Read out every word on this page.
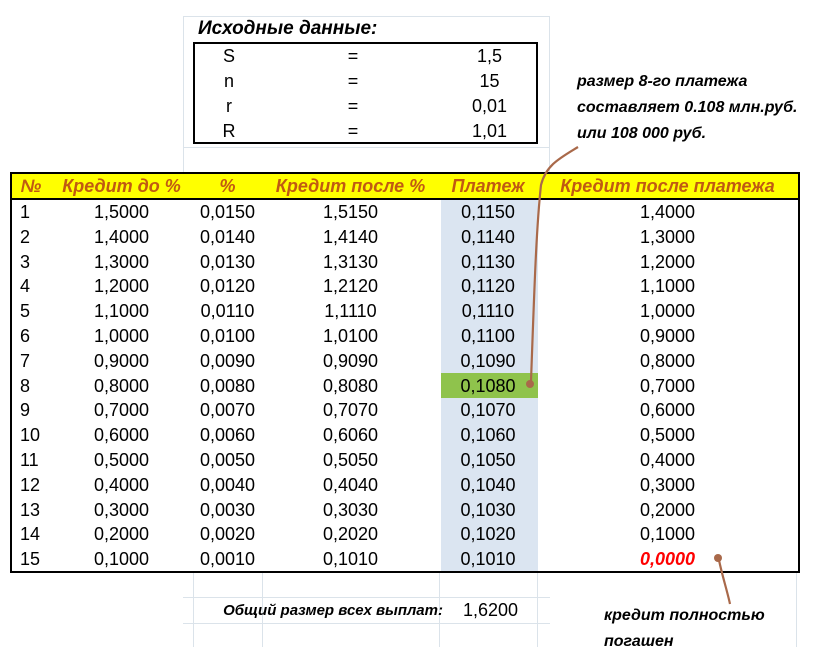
Исходные данные:
S	=	1,5
n	=	15
r	=	0,01
R	=	1,01
№	Кредит до %	%	Кредит после %	Платеж	Кредит после платежа
1	1,5000	0,0150	1,5150	0,1150	1,4000
2	1,4000	0,0140	1,4140	0,1140	1,3000
3	1,3000	0,0130	1,3130	0,1130	1,2000
4	1,2000	0,0120	1,2120	0,1120	1,1000
5	1,1000	0,0110	1,1110	0,1110	1,0000
6	1,0000	0,0100	1,0100	0,1100	0,9000
7	0,9000	0,0090	0,9090	0,1090	0,8000
8	0,8000	0,0080	0,8080	0,1080	0,7000
9	0,7000	0,0070	0,7070	0,1070	0,6000
10	0,6000	0,0060	0,6060	0,1060	0,5000
11	0,5000	0,0050	0,5050	0,1050	0,4000
12	0,4000	0,0040	0,4040	0,1040	0,3000
13	0,3000	0,0030	0,3030	0,1030	0,2000
14	0,2000	0,0020	0,2020	0,1020	0,1000
15	0,1000	0,0010	0,1010	0,1010	0,0000
Общий размер всех выплат:	1,6200
размер 8-го платежа
составляет 0.108 млн.руб.
или 108 000 руб.
кредит полностью
погашен
